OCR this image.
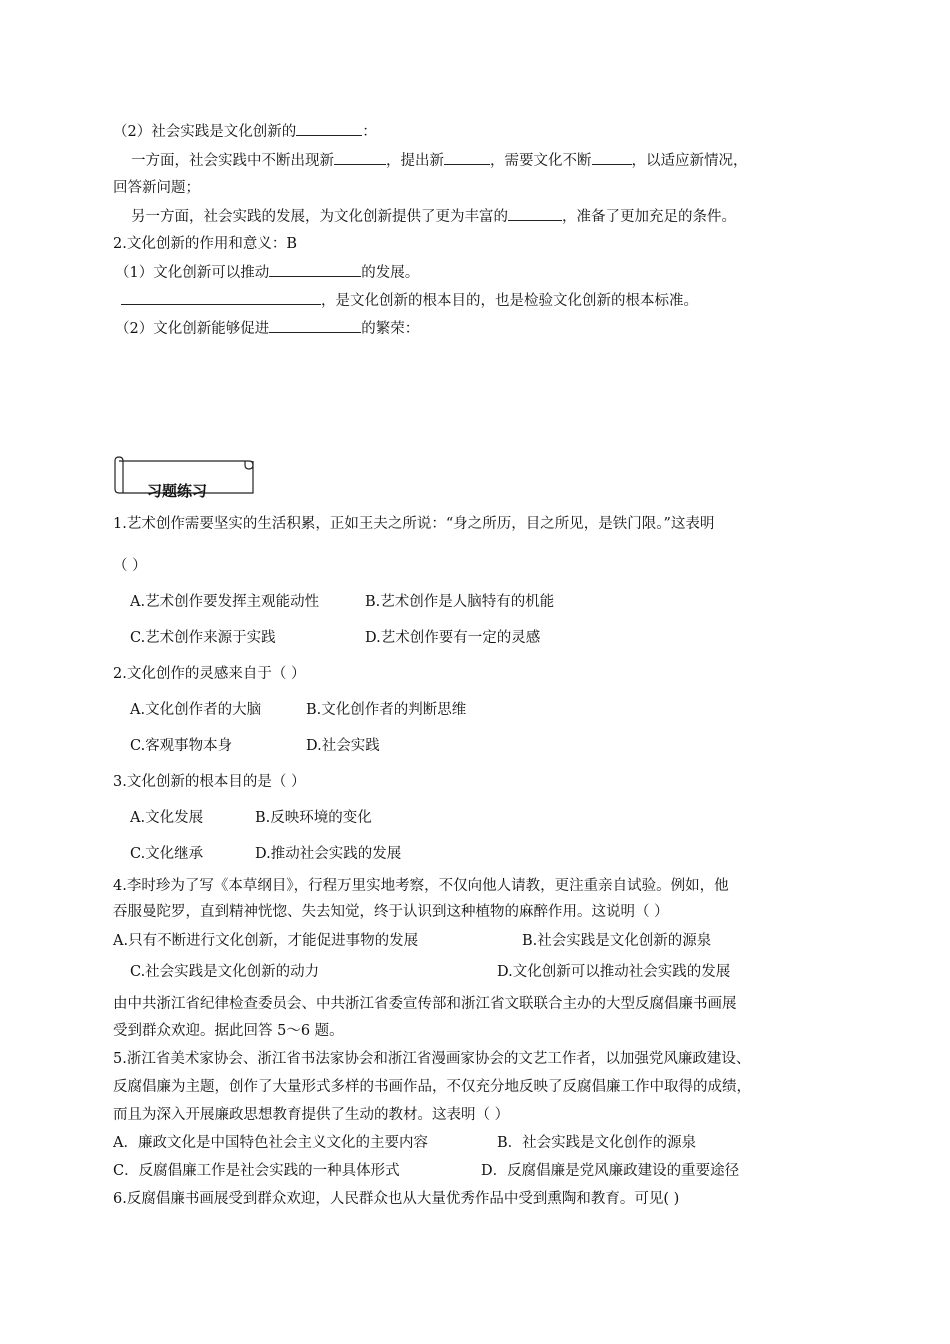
（2）社会实践是文化创新的	：
一方面，社会实践中不断出现新	，提出新	，需要文化不断	，以适应新情况，
回答新问题；
另一方面，社会实践的发展，为文化创新提供了更为丰富的	，准备了更加充足的条件。
2.文化创新的作用和意义：B
（1）文化创新可以推动	的发展。
，是文化创新的根本目的，也是检验文化创新的根本标准。
（2）文化创新能够促进	的繁荣：
习题练习
1.艺术创作需要坚实的生活积累，正如王夫之所说：“身之所历，目之所见，是铁门限。”这表明
（ ）
A.艺术创作要发挥主观能动性	B.艺术创作是人脑特有的机能
C.艺术创作来源于实践	D.艺术创作要有一定的灵感
2.文化创作的灵感来自于（ ）
A.文化创作者的大脑	B.文化创作者的判断思维
C.客观事物本身	D.社会实践
3.文化创新的根本目的是（ ）
A.文化发展	B.反映环境的变化
C.文化继承	D.推动社会实践的发展
4.李时珍为了写《本草纲目》，行程万里实地考察，不仅向他人请教，更注重亲自试验。例如，他
吞服曼陀罗，直到精神恍惚、失去知觉，终于认识到这种植物的麻醉作用。这说明（ ）
A.只有不断进行文化创新，才能促进事物的发展	B.社会实践是文化创新的源泉
C.社会实践是文化创新的动力	D.文化创新可以推动社会实践的发展
由中共浙江省纪律检查委员会、中共浙江省委宣传部和浙江省文联联合主办的大型反腐倡廉书画展
受到群众欢迎。据此回答 5～6 题。
5.浙江省美术家协会、浙江省书法家协会和浙江省漫画家协会的文艺工作者，以加强党风廉政建设、
反腐倡廉为主题，创作了大量形式多样的书画作品，不仅充分地反映了反腐倡廉工作中取得的成绩，
而且为深入开展廉政思想教育提供了生动的教材。这表明（ ）
A．廉政文化是中国特色社会主义文化的主要内容	B．社会实践是文化创作的源泉
C．反腐倡廉工作是社会实践的一种具体形式	D．反腐倡廉是党风廉政建设的重要途径
6.反腐倡廉书画展受到群众欢迎，人民群众也从大量优秀作品中受到熏陶和教育。可见( )
